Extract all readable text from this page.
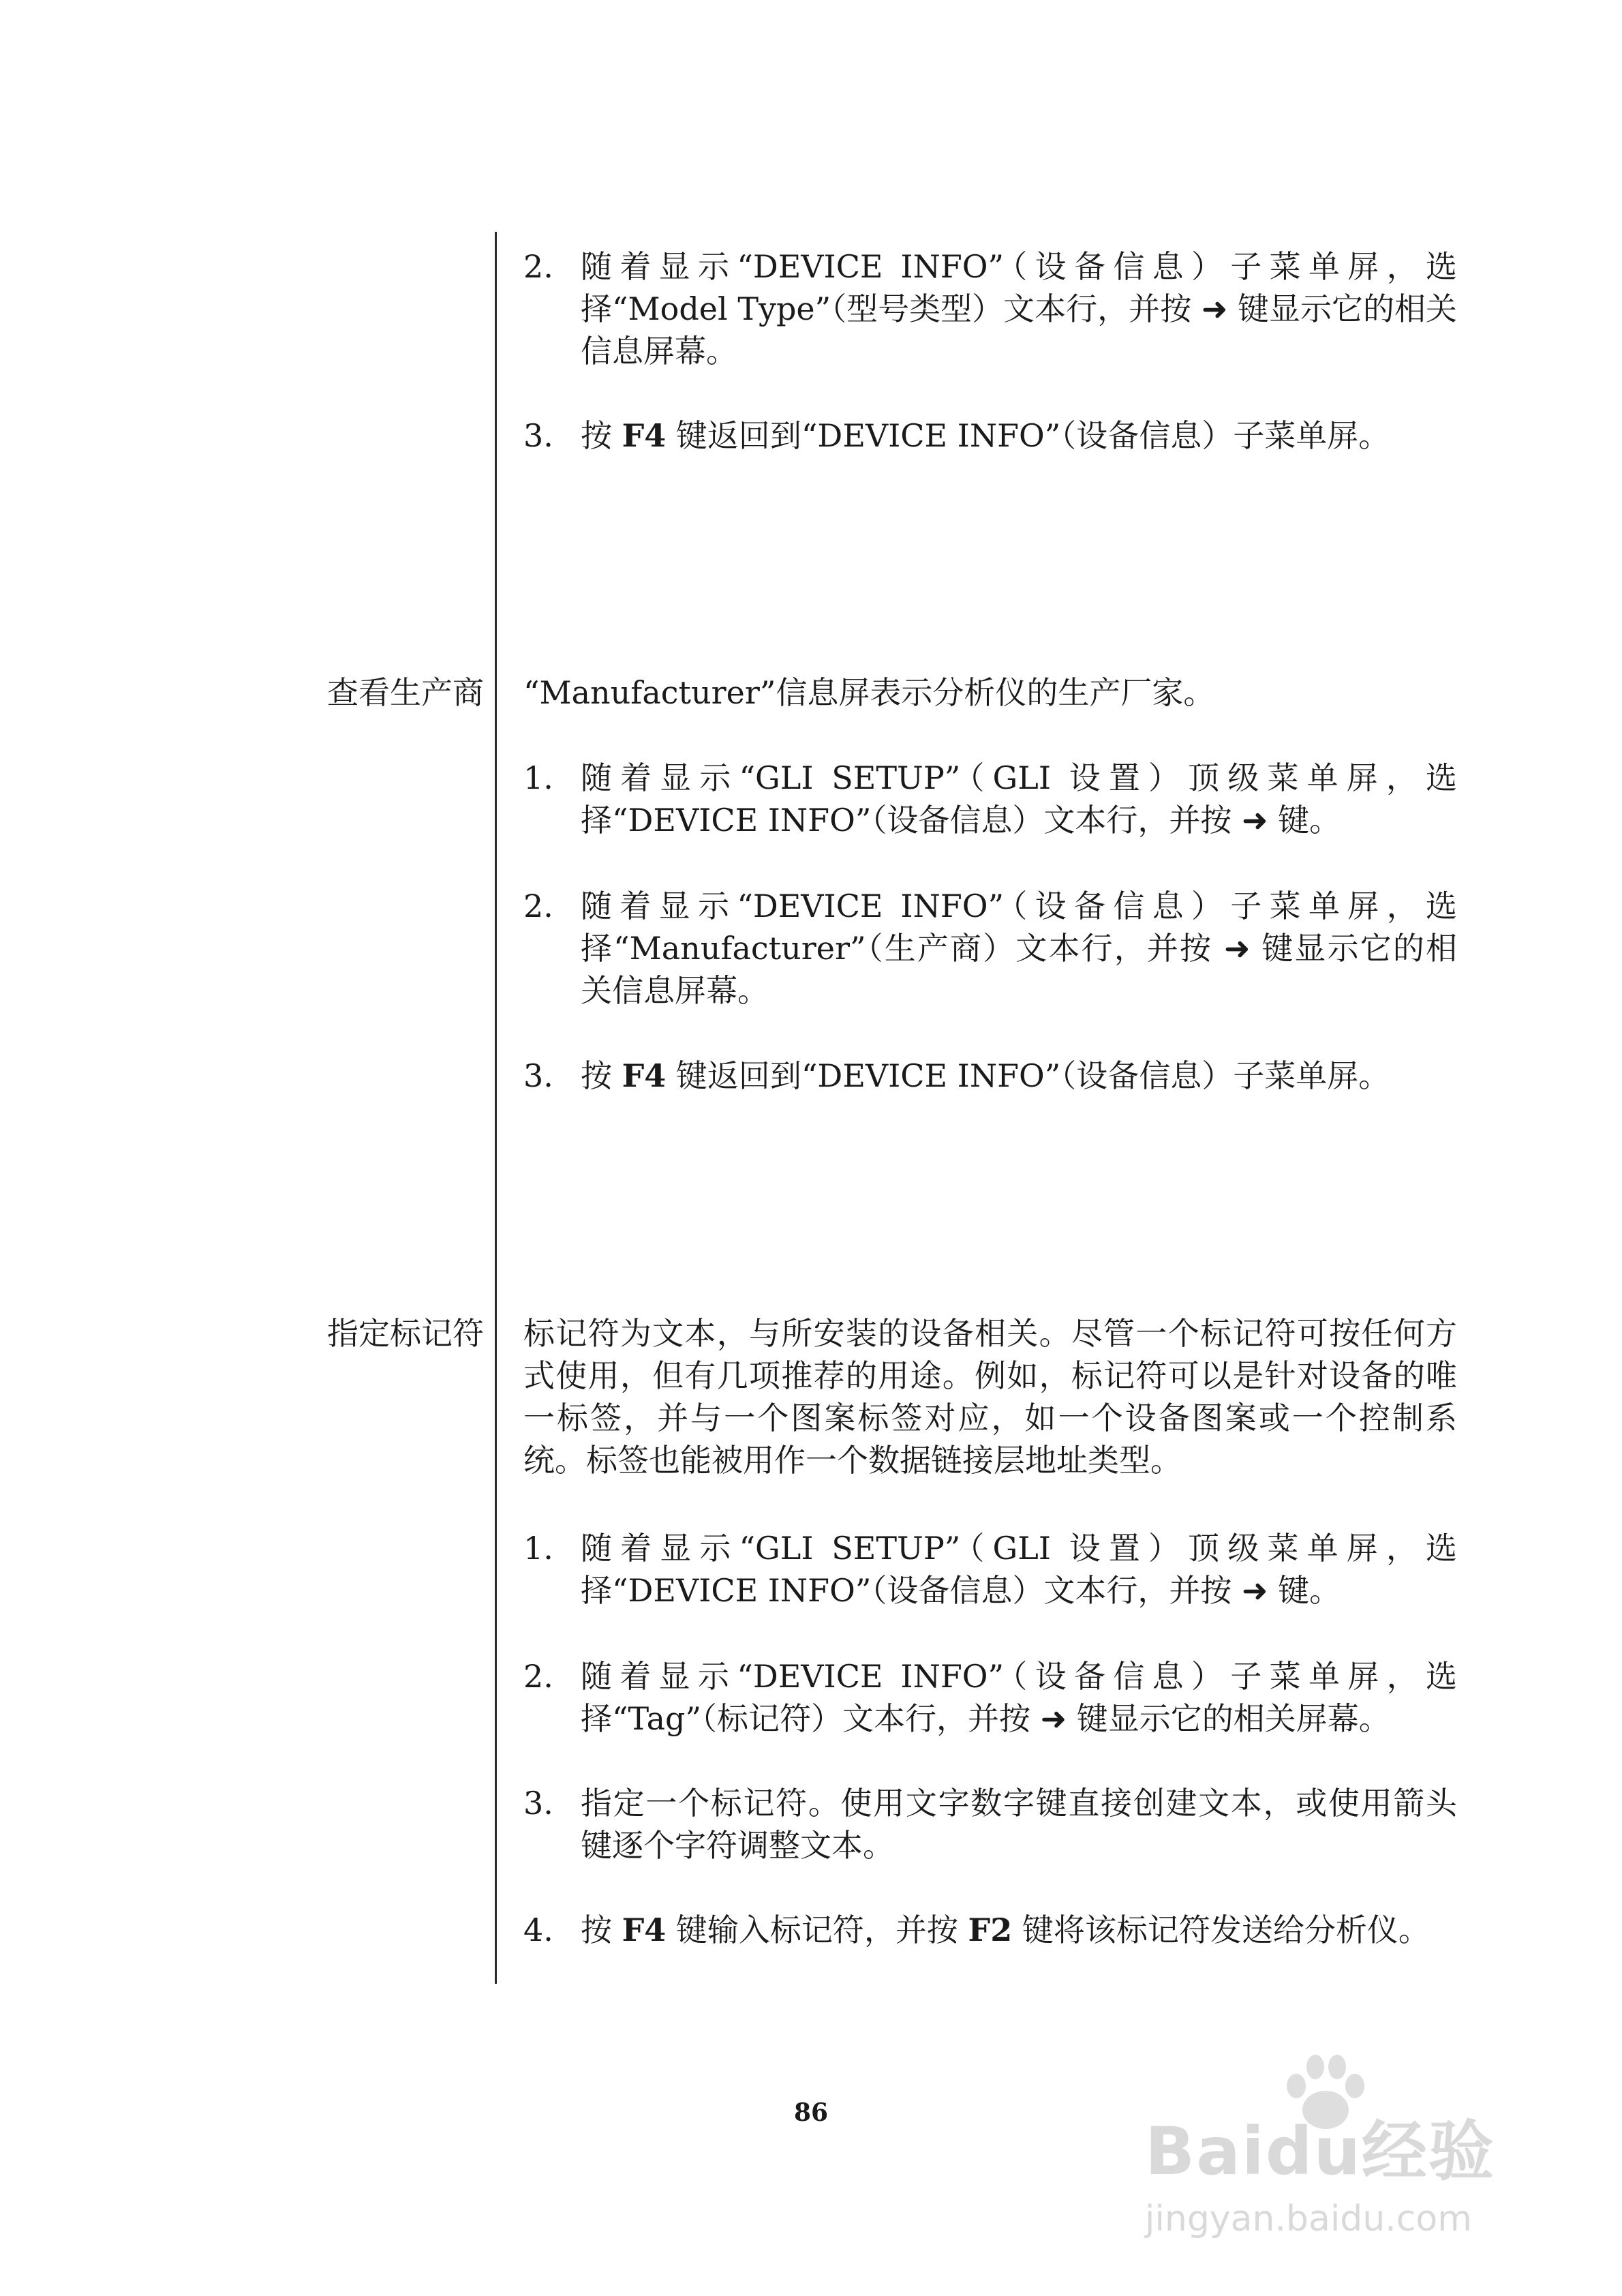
2. 随着显示“DEVICE INFO”（设备信息）子菜单屏，选择“Model Type”（型号类型）文本行，并按 ➜ 键显示它的相关信息屏幕。
3. 按 F4 键返回到“DEVICE INFO”（设备信息）子菜单屏。
查看生产商 “Manufacturer”信息屏表示分析仪的生产厂家。
1. 随着显示“GLI SETUP”（GLI 设置）顶级菜单屏，选择“DEVICE INFO”（设备信息）文本行，并按 ➜ 键。
2. 随着显示“DEVICE INFO”（设备信息）子菜单屏，选择“Manufacturer”（生产商）文本行，并按 ➜ 键显示它的相关信息屏幕。
3. 按 F4 键返回到“DEVICE INFO”（设备信息）子菜单屏。
指定标记符 标记符为文本，与所安装的设备相关。尽管一个标记符可按任何方式使用，但有几项推荐的用途。例如，标记符可以是针对设备的唯一标签，并与一个图案标签对应，如一个设备图案或一个控制系统。标签也能被用作一个数据链接层地址类型。
1. 随着显示“GLI SETUP”（GLI 设置）顶级菜单屏，选择“DEVICE INFO”（设备信息）文本行，并按 ➜ 键。
2. 随着显示“DEVICE INFO”（设备信息）子菜单屏，选择“Tag”（标记符）文本行，并按 ➜ 键显示它的相关屏幕。
3. 指定一个标记符。使用文字数字键直接创建文本，或使用箭头键逐个字符调整文本。
4. 按 F4 键输入标记符，并按 F2 键将该标记符发送给分析仪。
86
Baidu经验
jingyan.baidu.com
